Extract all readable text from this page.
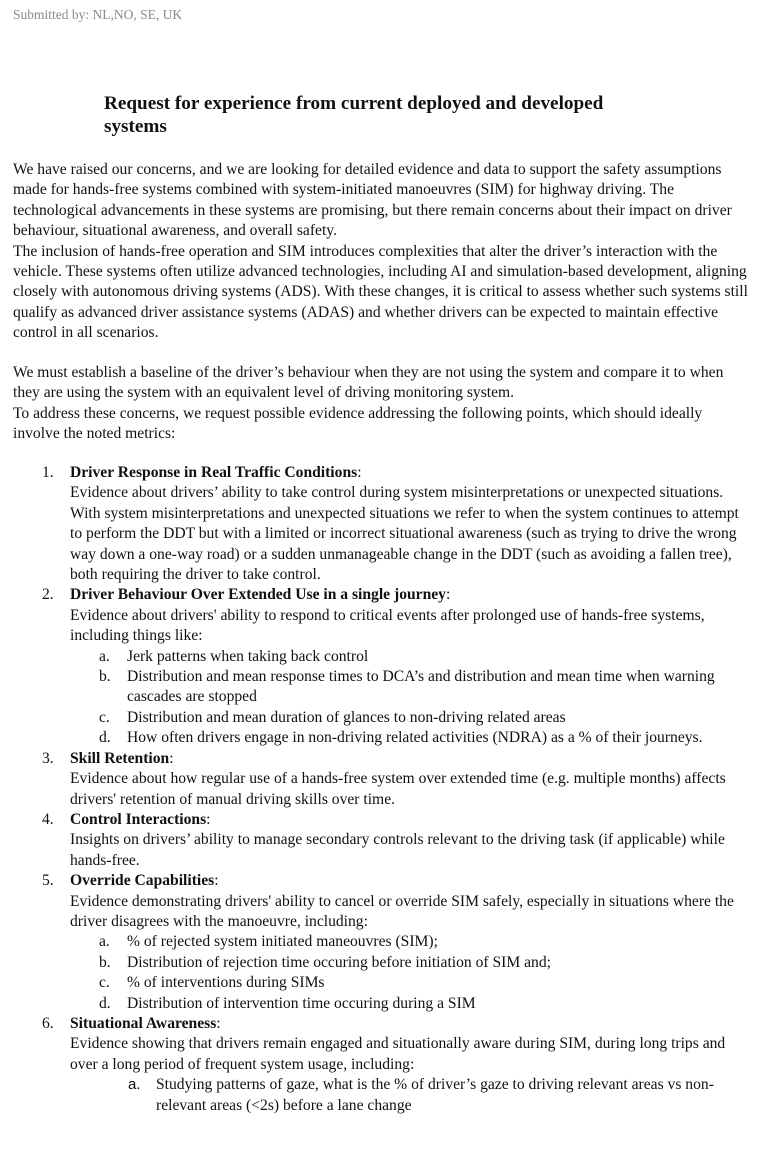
Submitted by: NL,NO, SE, UK
Request for experience from current deployed and developed systems
We have raised our concerns, and we are looking for detailed evidence and data to support the safety assumptions made for hands-free systems combined with system-initiated manoeuvres (SIM) for highway driving. The technological advancements in these systems are promising, but there remain concerns about their impact on driver behaviour, situational awareness, and overall safety.
The inclusion of hands-free operation and SIM introduces complexities that alter the driver’s interaction with the vehicle. These systems often utilize advanced technologies, including AI and simulation-based development, aligning closely with autonomous driving systems (ADS). With these changes, it is critical to assess whether such systems still qualify as advanced driver assistance systems (ADAS) and whether drivers can be expected to maintain effective control in all scenarios.
We must establish a baseline of the driver’s behaviour when they are not using the system and compare it to when they are using the system with an equivalent level of driving monitoring system.
To address these concerns, we request possible evidence addressing the following points, which should ideally involve the noted metrics:
1. Driver Response in Real Traffic Conditions:
Evidence about drivers’ ability to take control during system misinterpretations or unexpected situations. With system misinterpretations and unexpected situations we refer to when the system continues to attempt to perform the DDT but with a limited or incorrect situational awareness (such as trying to drive the wrong way down a one-way road) or a sudden unmanageable change in the DDT (such as avoiding a fallen tree), both requiring the driver to take control.
2. Driver Behaviour Over Extended Use in a single journey:
Evidence about drivers' ability to respond to critical events after prolonged use of hands-free systems, including things like:
a. Jerk patterns when taking back control
b. Distribution and mean response times to DCA’s and distribution and mean time when warning cascades are stopped
c. Distribution and mean duration of glances to non-driving related areas
d. How often drivers engage in non-driving related activities (NDRA) as a % of their journeys.
3. Skill Retention:
Evidence about how regular use of a hands-free system over extended time (e.g. multiple months) affects drivers' retention of manual driving skills over time.
4. Control Interactions:
Insights on drivers’ ability to manage secondary controls relevant to the driving task (if applicable) while hands-free.
5. Override Capabilities:
Evidence demonstrating drivers' ability to cancel or override SIM safely, especially in situations where the driver disagrees with the manoeuvre, including:
a. % of rejected system initiated maneouvres (SIM);
b. Distribution of rejection time occuring before initiation of SIM and;
c. % of interventions during SIMs
d. Distribution of intervention time occuring during a SIM
6. Situational Awareness:
Evidence showing that drivers remain engaged and situationally aware during SIM, during long trips and over a long period of frequent system usage, including:
a. Studying patterns of gaze, what is the % of driver’s gaze to driving relevant areas vs non-relevant areas (<2s) before a lane change
